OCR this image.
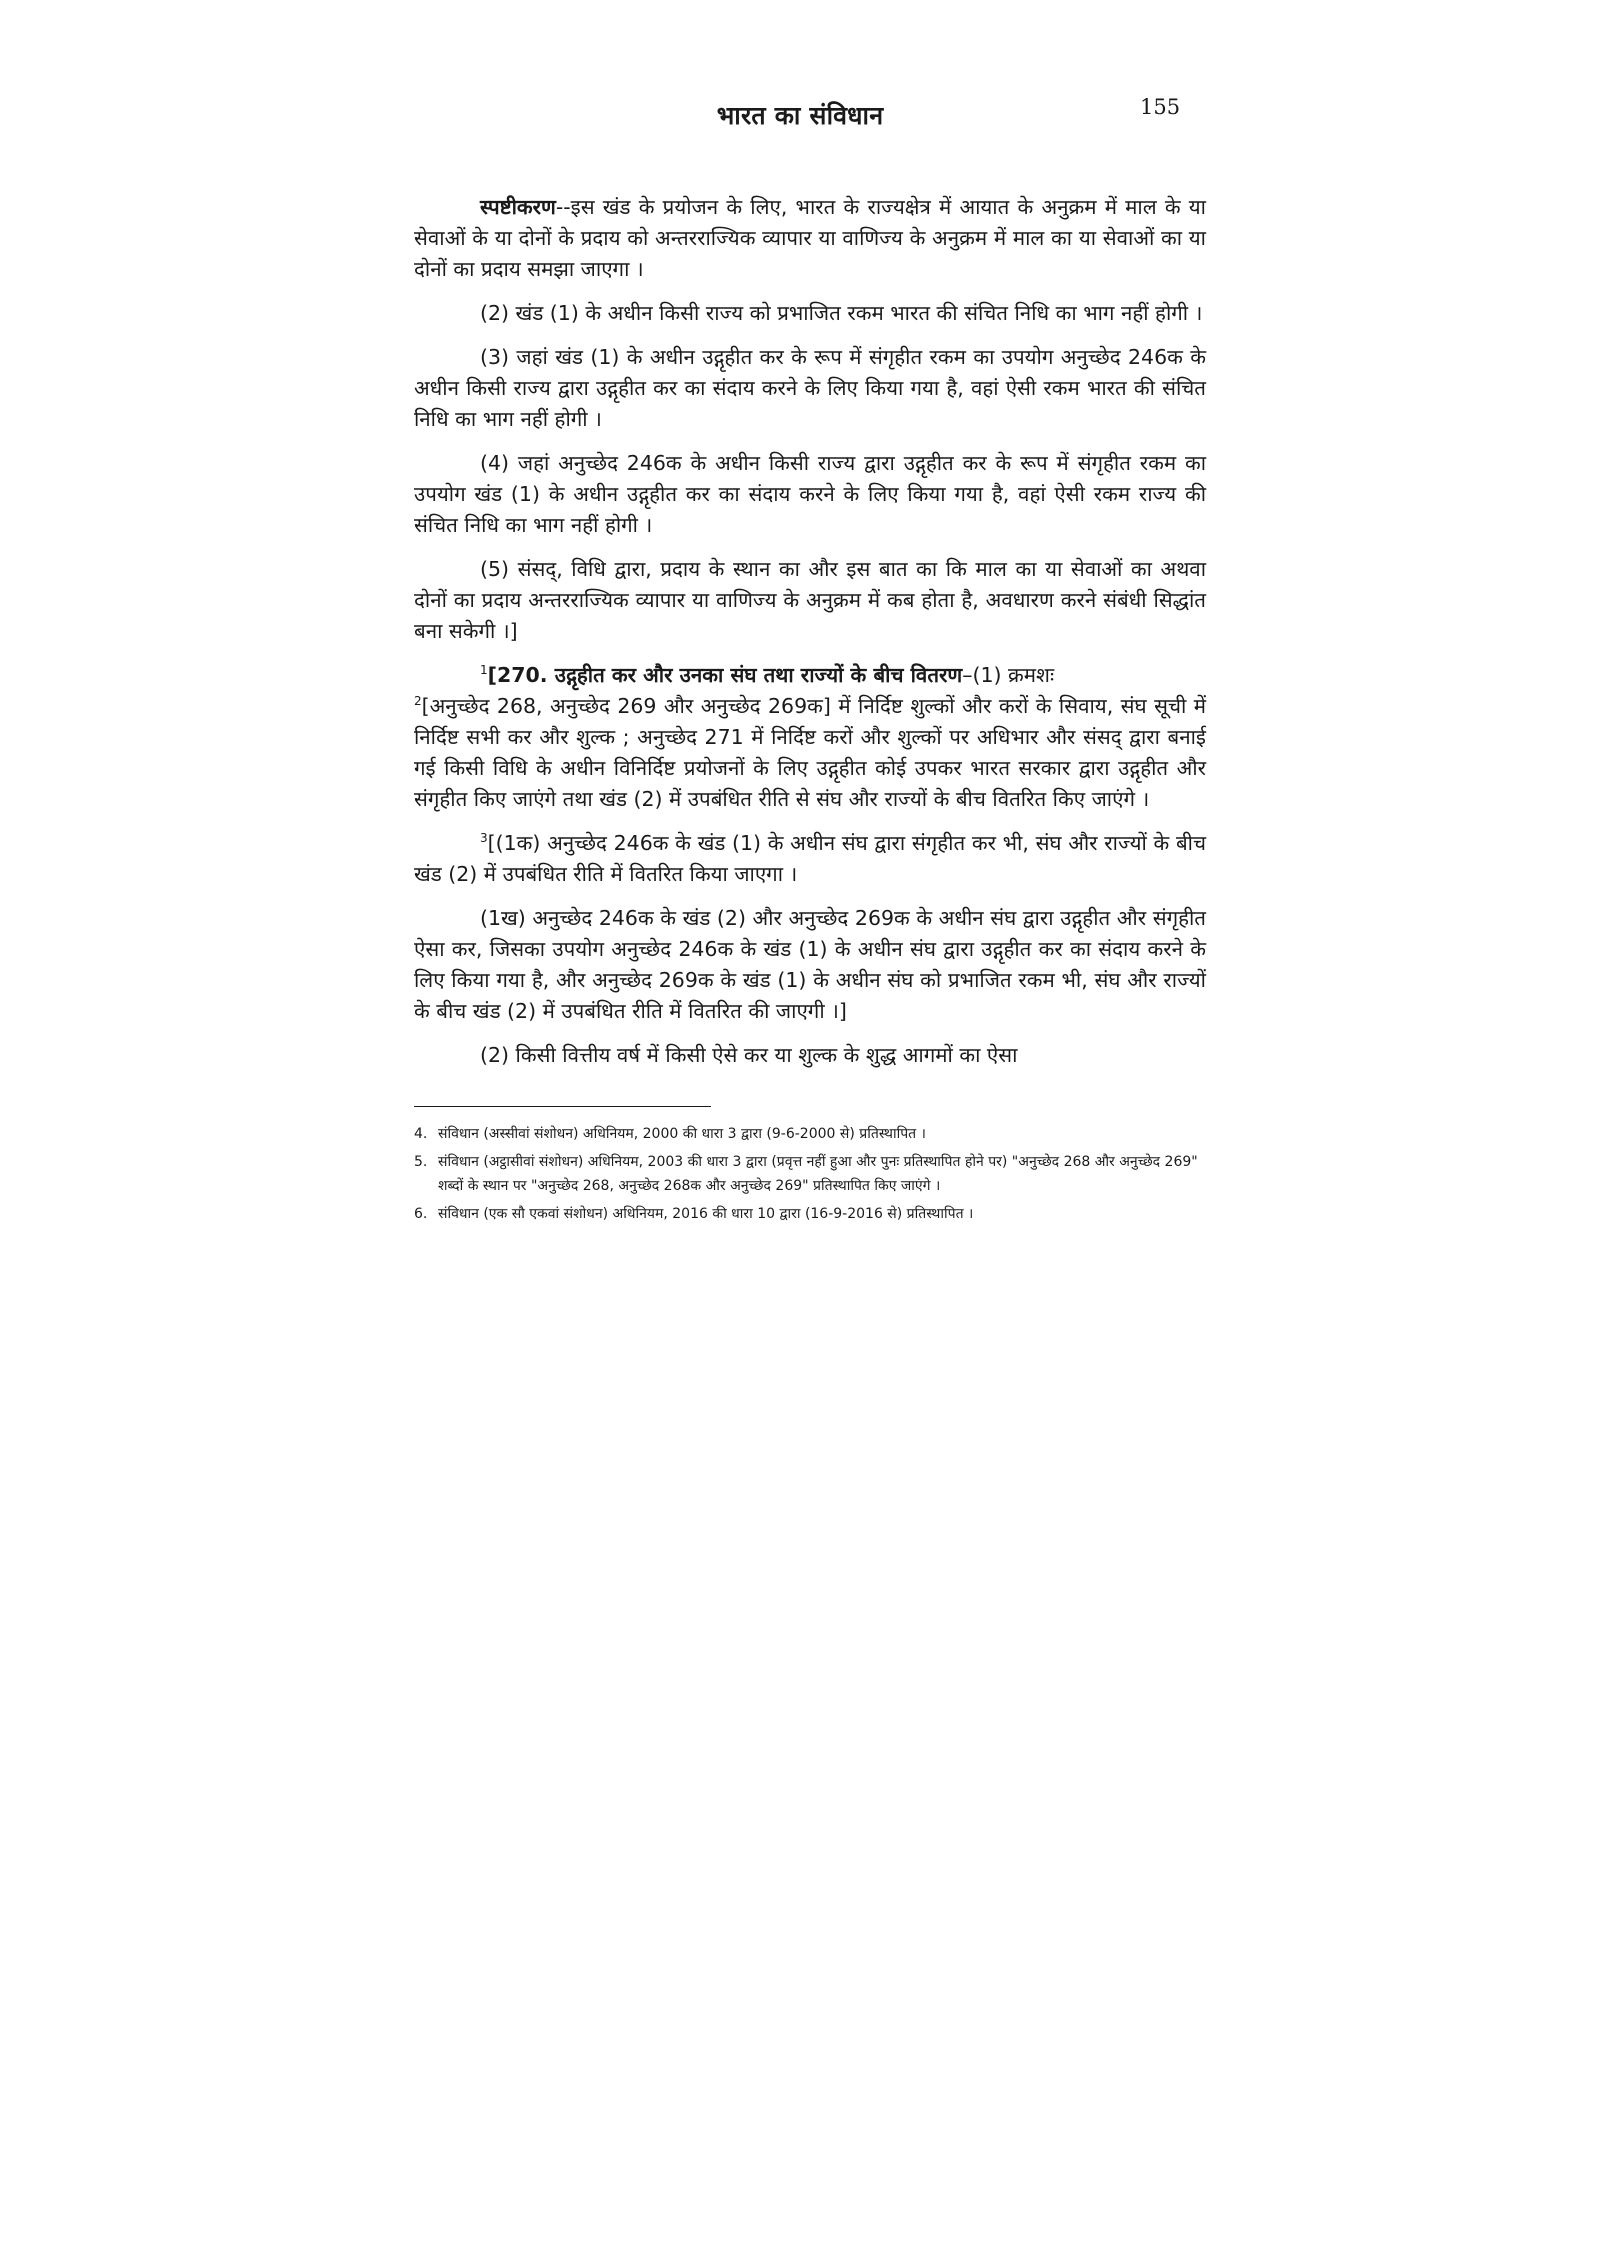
भारत का संविधान	155

स्पष्टीकरण--इस खंड के प्रयोजन के लिए, भारत के राज्यक्षेत्र में आयात के अनुक्रम में माल के या सेवाओं के या दोनों के प्रदाय को अन्तरराज्यिक व्यापार या वाणिज्य के अनुक्रम में माल का या सेवाओं का या दोनों का प्रदाय समझा जाएगा ।

(2) खंड (1) के अधीन किसी राज्य को प्रभाजित रकम भारत की संचित निधि का भाग नहीं होगी ।

(3) जहां खंड (1) के अधीन उद्गृहीत कर के रूप में संगृहीत रकम का उपयोग अनुच्छेद 246क के अधीन किसी राज्य द्वारा उद्गृहीत कर का संदाय करने के लिए किया गया है, वहां ऐसी रकम भारत की संचित निधि का भाग नहीं होगी ।

(4) जहां अनुच्छेद 246क के अधीन किसी राज्य द्वारा उद्गृहीत कर के रूप में संगृहीत रकम का उपयोग खंड (1) के अधीन उद्गृहीत कर का संदाय करने के लिए किया गया है, वहां ऐसी रकम राज्य की संचित निधि का भाग नहीं होगी ।

(5) संसद्, विधि द्वारा, प्रदाय के स्थान का और इस बात का कि माल का या सेवाओं का अथवा दोनों का प्रदाय अन्तरराज्यिक व्यापार या वाणिज्य के अनुक्रम में कब होता है, अवधारण करने संबंधी सिद्धांत बना सकेगी ।]

$^1$[270. उद्गृहीत कर और उनका संघ तथा राज्यों के बीच वितरण–(1) क्रमशः
$^2$[अनुच्छेद 268, अनुच्छेद 269 और अनुच्छेद 269क] में निर्दिष्ट शुल्कों और करों के सिवाय, संघ सूची में निर्दिष्ट सभी कर और शुल्क ; अनुच्छेद 271 में निर्दिष्ट करों और शुल्कों पर अधिभार और संसद् द्वारा बनाई गई किसी विधि के अधीन विनिर्दिष्ट प्रयोजनों के लिए उद्गृहीत कोई उपकर भारत सरकार द्वारा उद्गृहीत और संगृहीत किए जाएंगे तथा खंड (2) में उपबंधित रीति से संघ और राज्यों के बीच वितरित किए जाएंगे ।

$^3$[(1क) अनुच्छेद 246क के खंड (1) के अधीन संघ द्वारा संगृहीत कर भी, संघ और राज्यों के बीच खंड (2) में उपबंधित रीति में वितरित किया जाएगा ।

(1ख) अनुच्छेद 246क के खंड (2) और अनुच्छेद 269क के अधीन संघ द्वारा उद्गृहीत और संगृहीत ऐसा कर, जिसका उपयोग अनुच्छेद 246क के खंड (1) के अधीन संघ द्वारा उद्गृहीत कर का संदाय करने के लिए किया गया है, और अनुच्छेद 269क के खंड (1) के अधीन संघ को प्रभाजित रकम भी, संघ और राज्यों के बीच खंड (2) में उपबंधित रीति में वितरित की जाएगी ।]

(2) किसी वित्तीय वर्ष में किसी ऐसे कर या शुल्क के शुद्ध आगमों का ऐसा

4. संविधान (अस्सीवां संशोधन) अधिनियम, 2000 की धारा 3 द्वारा (9-6-2000 से) प्रतिस्थापित ।
5. संविधान (अट्ठासीवां संशोधन) अधिनियम, 2003 की धारा 3 द्वारा (प्रवृत्त नहीं हुआ और पुनः प्रतिस्थापित होने पर) "अनुच्छेद 268 और अनुच्छेद 269" शब्दों के स्थान पर "अनुच्छेद 268, अनुच्छेद 268क और अनुच्छेद 269" प्रतिस्थापित किए जाएंगे ।
6. संविधान (एक सौ एकवां संशोधन) अधिनियम, 2016 की धारा 10 द्वारा (16-9-2016 से) प्रतिस्थापित ।
